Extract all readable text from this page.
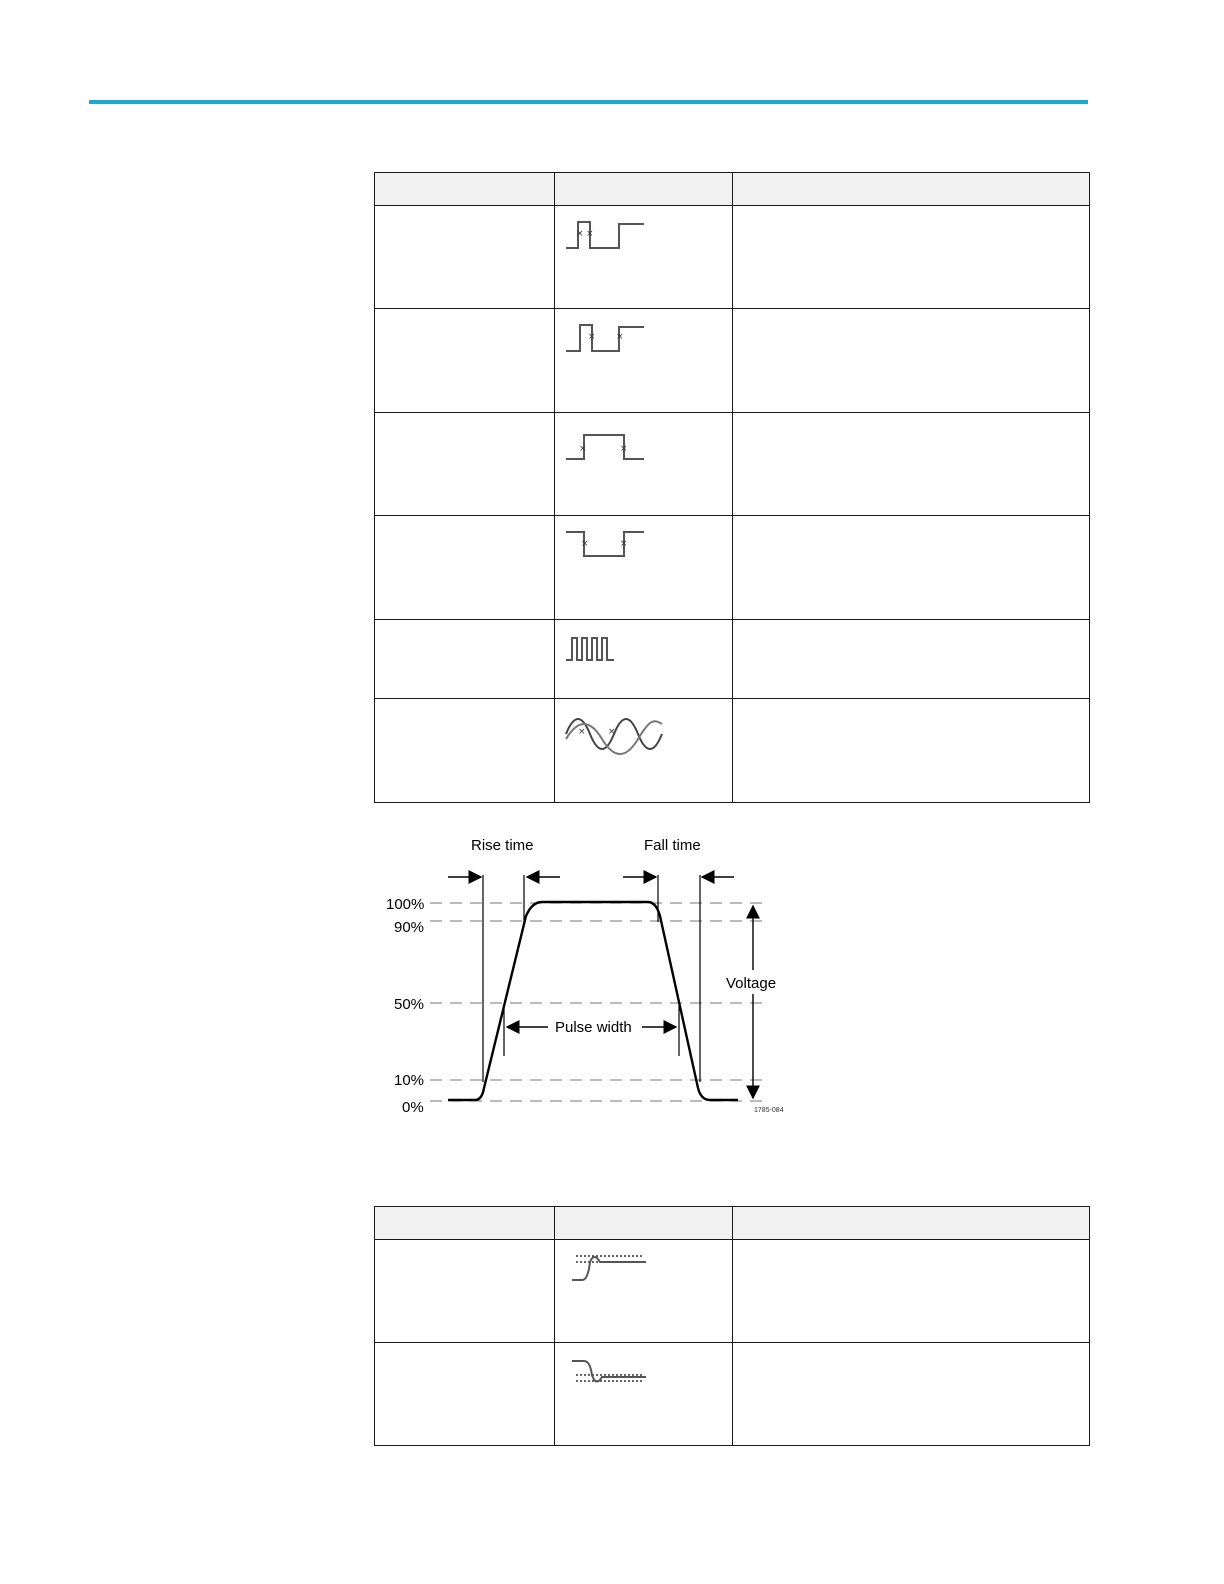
× ×	

× ×	

× ×	

× ×	

× ×	

Rise time	Fall time
100%
90%
50%
10%
0%
Pulse width
Voltage
1785-084
